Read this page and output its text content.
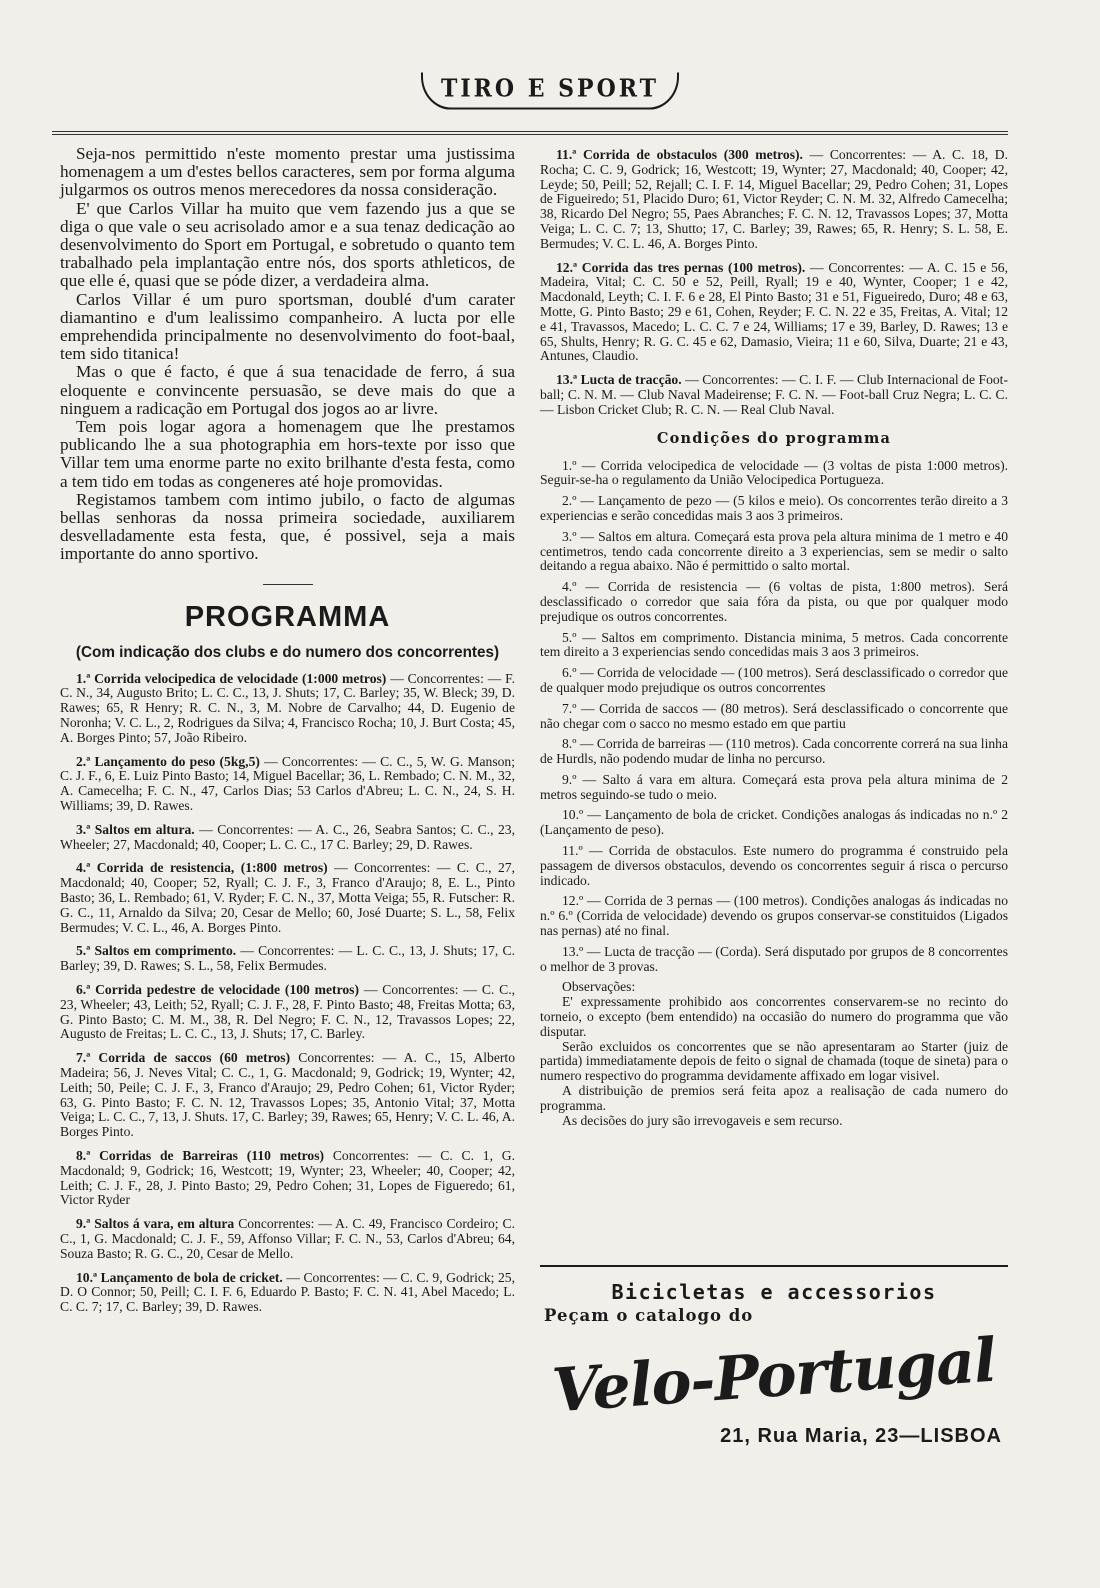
TIRO E SPORT

Seja-nos permittido n'este momento prestar uma justissima homenagem a um d'estes bellos caracteres, sem por forma alguma julgarmos os outros menos merecedores da nossa consideração.

E' que Carlos Villar ha muito que vem fazendo jus a que se diga o que vale o seu acrisolado amor e a sua tenaz dedicação ao desenvolvimento do Sport em Portugal, e sobretudo o quanto tem trabalhado pela implantação entre nós, dos sports athleticos, de que elle é, quasi que se póde dizer, a verdadeira alma.

Carlos Villar é um puro sportsman, doublé d'um carater diamantino e d'um lealissimo companheiro. A lucta por elle emprehendida principalmente no desenvolvimento do foot-baal, tem sido titanica!

Mas o que é facto, é que á sua tenacidade de ferro, á sua eloquente e convincente persuasão, se deve mais do que a ninguem a radicação em Portugal dos jogos ao ar livre.

Tem pois logar agora a homenagem que lhe prestamos publicando lhe a sua photographia em hors-texte por isso que Villar tem uma enorme parte no exito brilhante d'esta festa, como a tem tido em todas as congeneres até hoje promovidas.

Registamos tambem com intimo jubilo, o facto de algumas bellas senhoras da nossa primeira sociedade, auxiliarem desvelladamente esta festa, que, é possivel, seja a mais importante do anno sportivo.

PROGRAMMA

(Com indicação dos clubs e do numero dos concorrentes)

1.ª Corrida velocipedica de velocidade (1:000 metros) — Concorrentes: — F. C. N., 34, Augusto Brito; L. C. C., 13, J. Shuts; 17, C. Barley; 35, W. Bleck; 39, D. Rawes; 65, R Henry; R. C. N., 3, M. Nobre de Carvalho; 44, D. Eugenio de Noronha; V. C. L., 2, Rodrigues da Silva; 4, Francisco Rocha; 10, J. Burt Costa; 45, A. Borges Pinto; 57, João Ribeiro.

2.ª Lançamento do peso (5kg,5) — Concorrentes: — C. C., 5, W. G. Manson; C. J. F., 6, E. Luiz Pinto Basto; 14, Miguel Bacellar; 36, L. Rembado; C. N. M., 32, A. Camecelha; F. C. N., 47, Carlos Dias; 53 Carlos d'Abreu; L. C. N., 24, S. H. Williams; 39, D. Rawes.

3.ª Saltos em altura. — Concorrentes: — A. C., 26, Seabra Santos; C. C., 23, Wheeler; 27, Macdonald; 40, Cooper; L. C. C., 17 C. Barley; 29, D. Rawes.

4.ª Corrida de resistencia, (1:800 metros) — Concorrentes: — C. C., 27, Macdonald; 40, Cooper; 52, Ryall; C. J. F., 3, Franco d'Araujo; 8, E. L., Pinto Basto; 36, L. Rembado; 61, V. Ryder; F. C. N., 37, Motta Veiga; 55, R. Futscher: R. G. C., 11, Arnaldo da Silva; 20, Cesar de Mello; 60, José Duarte; S. L., 58, Felix Bermudes; V. C. L., 46, A. Borges Pinto.

5.ª Saltos em comprimento. — Concorrentes: — L. C. C., 13, J. Shuts; 17, C. Barley; 39, D. Rawes; S. L., 58, Felix Bermudes.

6.ª Corrida pedestre de velocidade (100 metros) — Concorrentes: — C. C., 23, Wheeler; 43, Leith; 52, Ryall; C. J. F., 28, F. Pinto Basto; 48, Freitas Motta; 63, G. Pinto Basto; C. M. M., 38, R. Del Negro; F. C. N., 12, Travassos Lopes; 22, Augusto de Freitas; L. C. C., 13, J. Shuts; 17, C. Barley.

7.ª Corrida de saccos (60 metros) Concorrentes: — A. C., 15, Alberto Madeira; 56, J. Neves Vital; C. C., 1, G. Macdonald; 9, Godrick; 19, Wynter; 42, Leith; 50, Peile; C. J. F., 3, Franco d'Araujo; 29, Pedro Cohen; 61, Victor Ryder; 63, G. Pinto Basto; F. C. N. 12, Travassos Lopes; 35, Antonio Vital; 37, Motta Veiga; L. C. C., 7, 13, J. Shuts. 17, C. Barley; 39, Rawes; 65, Henry; V. C. L. 46, A. Borges Pinto.

8.ª Corridas de Barreiras (110 metros) Concorrentes: — C. C. 1, G. Macdonald; 9, Godrick; 16, Westcott; 19, Wynter; 23, Wheeler; 40, Cooper; 42, Leith; C. J. F., 28, J. Pinto Basto; 29, Pedro Cohen; 31, Lopes de Figueredo; 61, Victor Ryder

9.ª Saltos á vara, em altura Concorrentes: — A. C. 49, Francisco Cordeiro; C. C., 1, G. Macdonald; C. J. F., 59, Affonso Villar; F. C. N., 53, Carlos d'Abreu; 64, Souza Basto; R. G. C., 20, Cesar de Mello.

10.ª Lançamento de bola de cricket. — Concorrentes: — C. C. 9, Godrick; 25, D. O Connor; 50, Peill; C. I. F. 6, Eduardo P. Basto; F. C. N. 41, Abel Macedo; L. C. C. 7; 17, C. Barley; 39, D. Rawes.

11.ª Corrida de obstaculos (300 metros). — Concorrentes: — A. C. 18, D. Rocha; C. C. 9, Godrick; 16, Westcott; 19, Wynter; 27, Macdonald; 40, Cooper; 42, Leyde; 50, Peill; 52, Rejall; C. I. F. 14, Miguel Bacellar; 29, Pedro Cohen; 31, Lopes de Figueiredo; 51, Placido Duro; 61, Victor Reyder; C. N. M. 32, Alfredo Camecelha; 38, Ricardo Del Negro; 55, Paes Abranches; F. C. N. 12, Travassos Lopes; 37, Motta Veiga; L. C. C. 7; 13, Shutto; 17, C. Barley; 39, Rawes; 65, R. Henry; S. L. 58, E. Bermudes; V. C. L. 46, A. Borges Pinto.

12.ª Corrida das tres pernas (100 metros). — Concorrentes: — A. C. 15 e 56, Madeira, Vital; C. C. 50 e 52, Peill, Ryall; 19 e 40, Wynter, Cooper; 1 e 42, Macdonald, Leyth; C. I. F. 6 e 28, El Pinto Basto; 31 e 51, Figueiredo, Duro; 48 e 63, Motte, G. Pinto Basto; 29 e 61, Cohen, Reyder; F. C. N. 22 e 35, Freitas, A. Vital; 12 e 41, Travassos, Macedo; L. C. C. 7 e 24, Williams; 17 e 39, Barley, D. Rawes; 13 e 65, Shults, Henry; R. G. C. 45 e 62, Damasio, Vieira; 11 e 60, Silva, Duarte; 21 e 43, Antunes, Claudio.

13.ª Lucta de tracção. — Concorrentes: — C. I. F. — Club Internacional de Foot-ball; C. N. M. — Club Naval Madeirense; F. C. N. — Foot-ball Cruz Negra; L. C. C. — Lisbon Cricket Club; R. C. N. — Real Club Naval.

Condições do programma

1.º — Corrida velocipedica de velocidade — (3 voltas de pista 1:000 metros). Seguir-se-ha o regulamento da União Velocipedica Portugueza.

2.º — Lançamento de pezo — (5 kilos e meio). Os concorrentes terão direito a 3 experiencias e serão concedidas mais 3 aos 3 primeiros.

3.º — Saltos em altura. Começará esta prova pela altura minima de 1 metro e 40 centimetros, tendo cada concorrente direito a 3 experiencias, sem se medir o salto deitando a regua abaixo. Não é permittido o salto mortal.

4.º — Corrida de resistencia — (6 voltas de pista, 1:800 metros). Será desclassificado o corredor que saia fóra da pista, ou que por qualquer modo prejudique os outros concorrentes.

5.º — Saltos em comprimento. Distancia minima, 5 metros. Cada concorrente tem direito a 3 experiencias sendo concedidas mais 3 aos 3 primeiros.

6.º — Corrida de velocidade — (100 metros). Será desclassificado o corredor que de qualquer modo prejudique os outros concorrentes

7.º — Corrida de saccos — (80 metros). Será desclassificado o concorrente que não chegar com o sacco no mesmo estado em que partiu

8.º — Corrida de barreiras — (110 metros). Cada concorrente correrá na sua linha de Hurdls, não podendo mudar de linha no percurso.

9.º — Salto á vara em altura. Começará esta prova pela altura minima de 2 metros seguindo-se tudo o meio.

10.º — Lançamento de bola de cricket. Condições analogas ás indicadas no n.º 2 (Lançamento de peso).

11.º — Corrida de obstaculos. Este numero do programma é construido pela passagem de diversos obstaculos, devendo os concorrentes seguir á risca o percurso indicado.

12.º — Corrida de 3 pernas — (100 metros). Condições analogas ás indicadas no n.º 6.º (Corrida de velocidade) devendo os grupos conservar-se constituidos (Ligados nas pernas) até no final.

13.º — Lucta de tracção — (Corda). Será disputado por grupos de 8 concorrentes o melhor de 3 provas.

Observações:

E' expressamente prohibido aos concorrentes conservarem-se no recinto do torneio, o excepto (bem entendido) na occasião do numero do programma que vão disputar.

Serão excluidos os concorrentes que se não apresentaram ao Starter (juiz de partida) immediatamente depois de feito o signal de chamada (toque de sineta) para o numero respectivo do programma devidamente affixado em logar visivel.

A distribuição de premios será feita apoz a realisação de cada numero do programma.

As decisões do jury são irrevogaveis e sem recurso.

Bicicletas e accessorios

Peçam o catalogo do

Velo-Portugal

21, Rua Maria, 23—LISBOA
